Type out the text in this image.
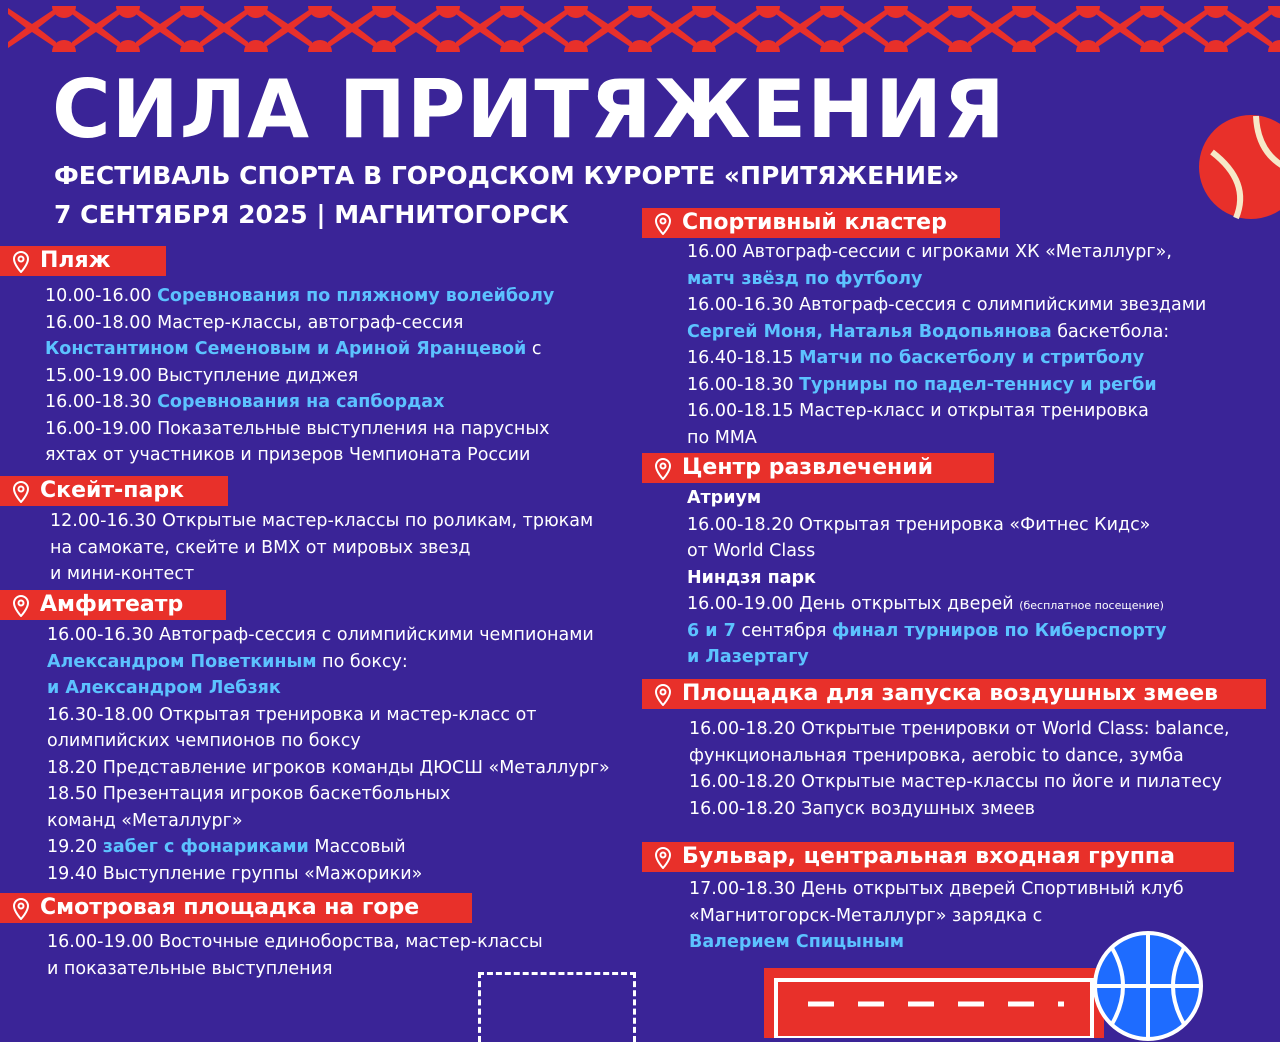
СИЛА ПРИТЯЖЕНИЯ
ФЕСТИВАЛЬ СПОРТА В ГОРОДСКОМ КУРОРТЕ «ПРИТЯЖЕНИЕ»
7 СЕНТЯБРЯ 2025 | МАГНИТОГОРСК
Пляж
10.00-16.00 Соревнования по пляжному волейболу
16.00-18.00 Мастер-классы, автограф-сессия
Константином Семеновым и Ариной Яранцевой с
15.00-19.00 Выступление диджея
16.00-18.30 Соревнования на сапбордах
16.00-19.00 Показательные выступления на парусных
яхтах от участников и призеров Чемпионата России
Скейт-парк
12.00-16.30 Открытые мастер-классы по роликам, трюкам
на самокате, скейте и BMX от мировых звезд
и мини-контест
Амфитеатр
16.00-16.30 Автограф-сессия с олимпийскими чемпионами
Александром Поветкиным по боксу:
и Александром Лебзяк
16.30-18.00 Открытая тренировка и мастер-класс от
олимпийских чемпионов по боксу
18.20 Представление игроков команды ДЮСШ «Металлург»
18.50 Презентация игроков баскетбольных
команд «Металлург»
19.20 забег с фонариками Массовый
19.40 Выступление группы «Мажорики»
Смотровая площадка на горе
16.00-19.00 Восточные единоборства, мастер-классы
и показательные выступления
Спортивный кластер
16.00 Автограф-сессии с игроками ХК «Металлург»,
матч звёзд по футболу
16.00-16.30 Автограф-сессия с олимпийскими звездами
Сергей Моня, Наталья Водопьянова баскетбола:
16.40-18.15 Матчи по баскетболу и стритболу
16.00-18.30 Турниры по падел-теннису и регби
16.00-18.15 Мастер-класс и открытая тренировка
по ММА
Центр развлечений
Атриум
16.00-18.20 Открытая тренировка «Фитнес Кидс»
от World Class
Ниндзя парк
16.00-19.00 День открытых дверей (бесплатное посещение)
6 и 7 сентября финал турниров по Киберспорту
и Лазертагу
Площадка для запуска воздушных змеев
16.00-18.20 Открытые тренировки от World Class: balance,
функциональная тренировка, aerobic to dance, зумба
16.00-18.20 Открытые мастер-классы по йоге и пилатесу
16.00-18.20 Запуск воздушных змеев
Бульвар, центральная входная группа
17.00-18.30 День открытых дверей Спортивный клуб
«Магнитогорск-Металлург» зарядка с
Валерием Спицыным
